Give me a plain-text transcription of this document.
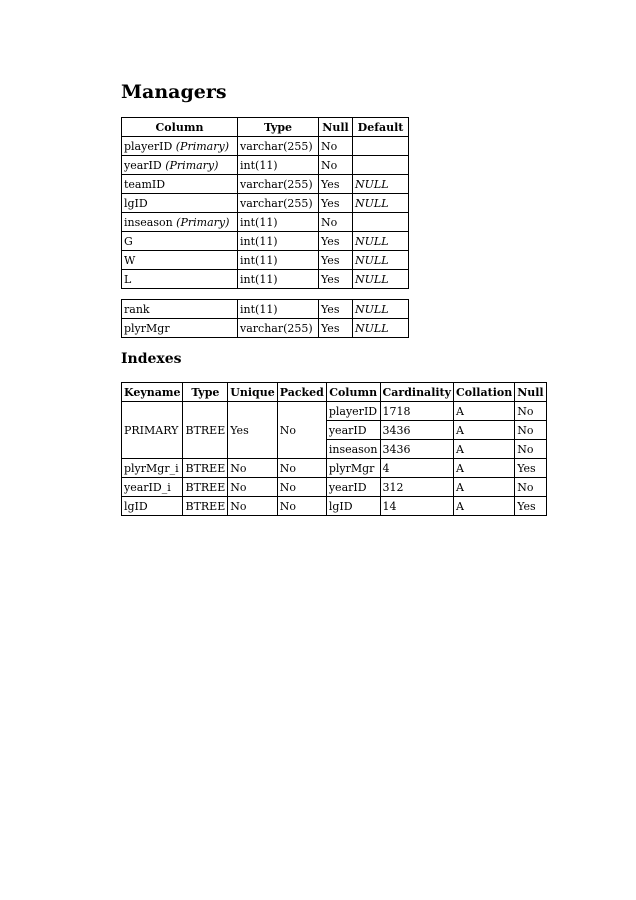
Managers
Column	Type	Null	Default
playerID (Primary)	varchar(255)	No	
yearID (Primary)	int(11)	No	
teamID	varchar(255)	Yes	NULL
lgID	varchar(255)	Yes	NULL
inseason (Primary)	int(11)	No	
G	int(11)	Yes	NULL
W	int(11)	Yes	NULL
L	int(11)	Yes	NULL
rank	int(11)	Yes	NULL
plyrMgr	varchar(255)	Yes	NULL
Indexes
Keyname	Type	Unique	Packed	Column	Cardinality	Collation	Null
PRIMARY	BTREE	Yes	No	playerID	1718	A	No
				yearID	3436	A	No
				inseason	3436	A	No
plyrMgr_i	BTREE	No	No	plyrMgr	4	A	Yes
yearID_i	BTREE	No	No	yearID	312	A	No
lgID	BTREE	No	No	lgID	14	A	Yes
